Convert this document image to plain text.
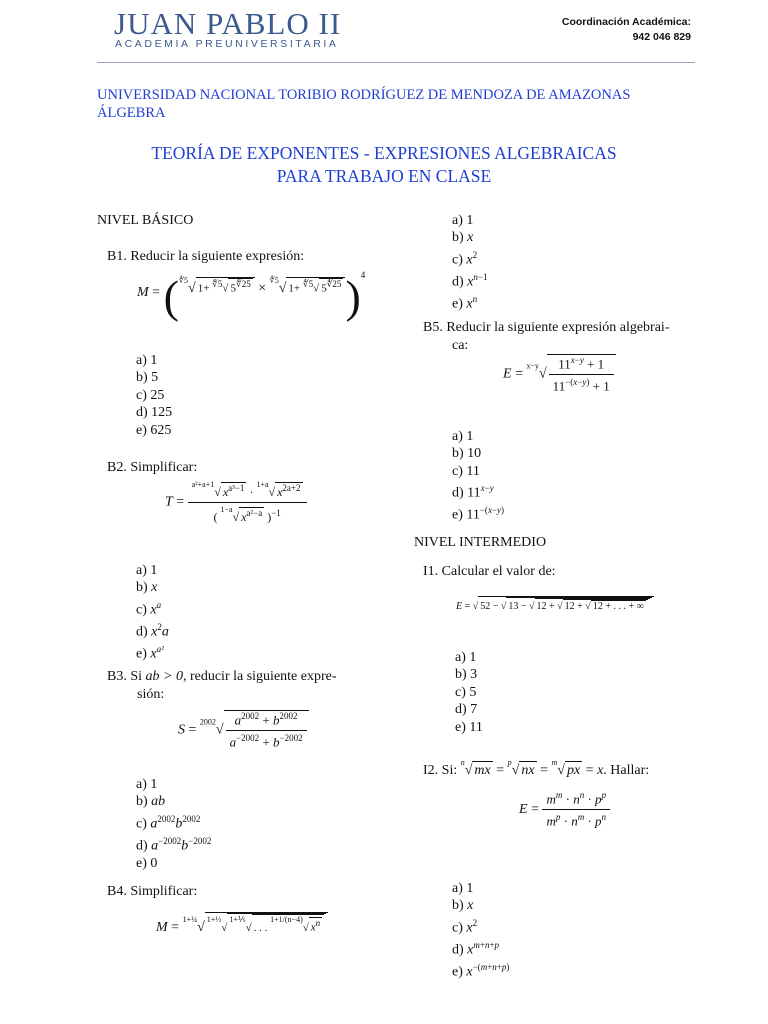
JUAN PABLO II
ACADEMIA PREUNIVERSITARIA
Coordinación Académica:
942 046 829
UNIVERSIDAD NACIONAL TORIBIO RODRÍGUEZ DE MENDOZA DE AMAZONAS
ÁLGEBRA
TEORÍA DE EXPONENTES - EXPRESIONES ALGEBRAICAS
PARA TRABAJO EN CLASE
NIVEL BÁSICO
B1. Reducir la siguiente expresión:
M = ($^{∜5}$√ 1+ $^{∜5}$√ $5^{∜25} \times ^{∜5}√$ 1+ $^{∜5}$√ $5^{∜25})^4$
a) 1
b) 5
c) 25
d) 125
e) 625
B2. Simplificar:
$T = \frac{^{a^2+a+1}√ x^{a^3-1} \cdot ^{1+a}√ x^{2a+2}}{( ^{1-a}√ x^{a^2-a} )^{-1}}$
a) 1
b) x
c) $x^a$
d) $x^2a$
e) $x^{a^2}$
B3. Si ab > 0, reducir la siguiente expre-
sión:
$S = ^{2002}√ \frac{a^{2002} + b^{2002}}{a^{-2002} + b^{-2002}}$
a) 1
b) ab
c) $a^{2002}b^{2002}$
d) $a^{-2002}b^{-2002}$
e) 0
B4. Simplificar:
M = $^{1+\frac{1}{4}}$√$^{1+\frac{1}{3}}$√$^{1+\frac{1}{5}}$√ . . . $^{1+1/(n-4)}$√ $x^n$
a) 1
b) x
c) $x^2$
d) $x^{n-1}$
e) $x^n$
B5. Reducir la siguiente expresión algebrai-
ca:
$E = ^{x-y}√ \frac{11^{x-y} + 1}{11^{-(x-y)} + 1}$
a) 1
b) 10
c) 11
d) $11^{x-y}$
e) $11^{-(x-y)}$
NIVEL INTERMEDIO
I1. Calcular el valor de:
E = √ 52 − √ 13 − √ 12 + √ 12 + √ 12 + . . . + ∞
a) 1
b) 3
c) 5
d) 7
e) 11
I2. Si: $^n$√ mx = $^p$√ nx = $^m$√ px = x. Hallar:
$E = \frac{m^m \cdot n^n \cdot p^p}{m^p \cdot n^m \cdot p^n}$
a) 1
b) x
c) $x^2$
d) $x^{m+n+p}$
e) $x^{-(m+n+p)}$
